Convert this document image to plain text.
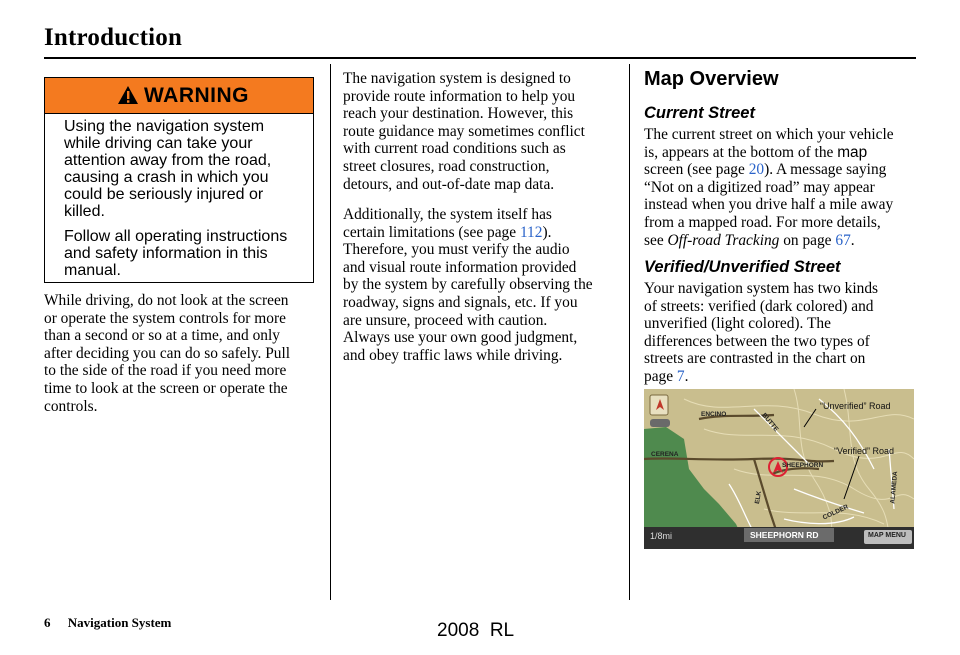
Introduction
WARNING
Using the navigation system
while driving can take your
attention away from the road,
causing a crash in which you
could be seriously injured or
killed.
Follow all operating instructions
and safety information in this
manual.
While driving, do not look at the screen
or operate the system controls for more
than a second or so at a time, and only
after deciding you can do so safely. Pull
to the side of the road if you need more
time to look at the screen or operate the
controls.
The navigation system is designed to
provide route information to help you
reach your destination. However, this
route guidance may sometimes conflict
with current road conditions such as
street closures, road construction,
detours, and out-of-date map data.
Additionally, the system itself has
certain limitations (see page 112).
Therefore, you must verify the audio
and visual route information provided
by the system by carefully observing the
roadway, signs and signals, etc. If you
are unsure, proceed with caution.
Always use your own good judgment,
and obey traffic laws while driving.
Map Overview
Current Street
The current street on which your vehicle
is, appears at the bottom of the map
screen (see page 20). A message saying
“Not on a digitized road” may appear
instead when you drive half a mile away
from a mapped road. For more details,
see Off-road Tracking on page 67.
Verified/Unverified Street
Your navigation system has two kinds
of streets: verified (dark colored) and
unverified (light colored). The
differences between the two types of
streets are contrasted in the chart on
page 7.
ENCINO	BUTTE
CERENA
SHEEPHORN
ELK	ALAMEDA
COLDER
“Unverified” Road
“Verified” Road
1/8mi	SHEEPHORN RD	MAP MENU
6 Navigation System	2008  RL
